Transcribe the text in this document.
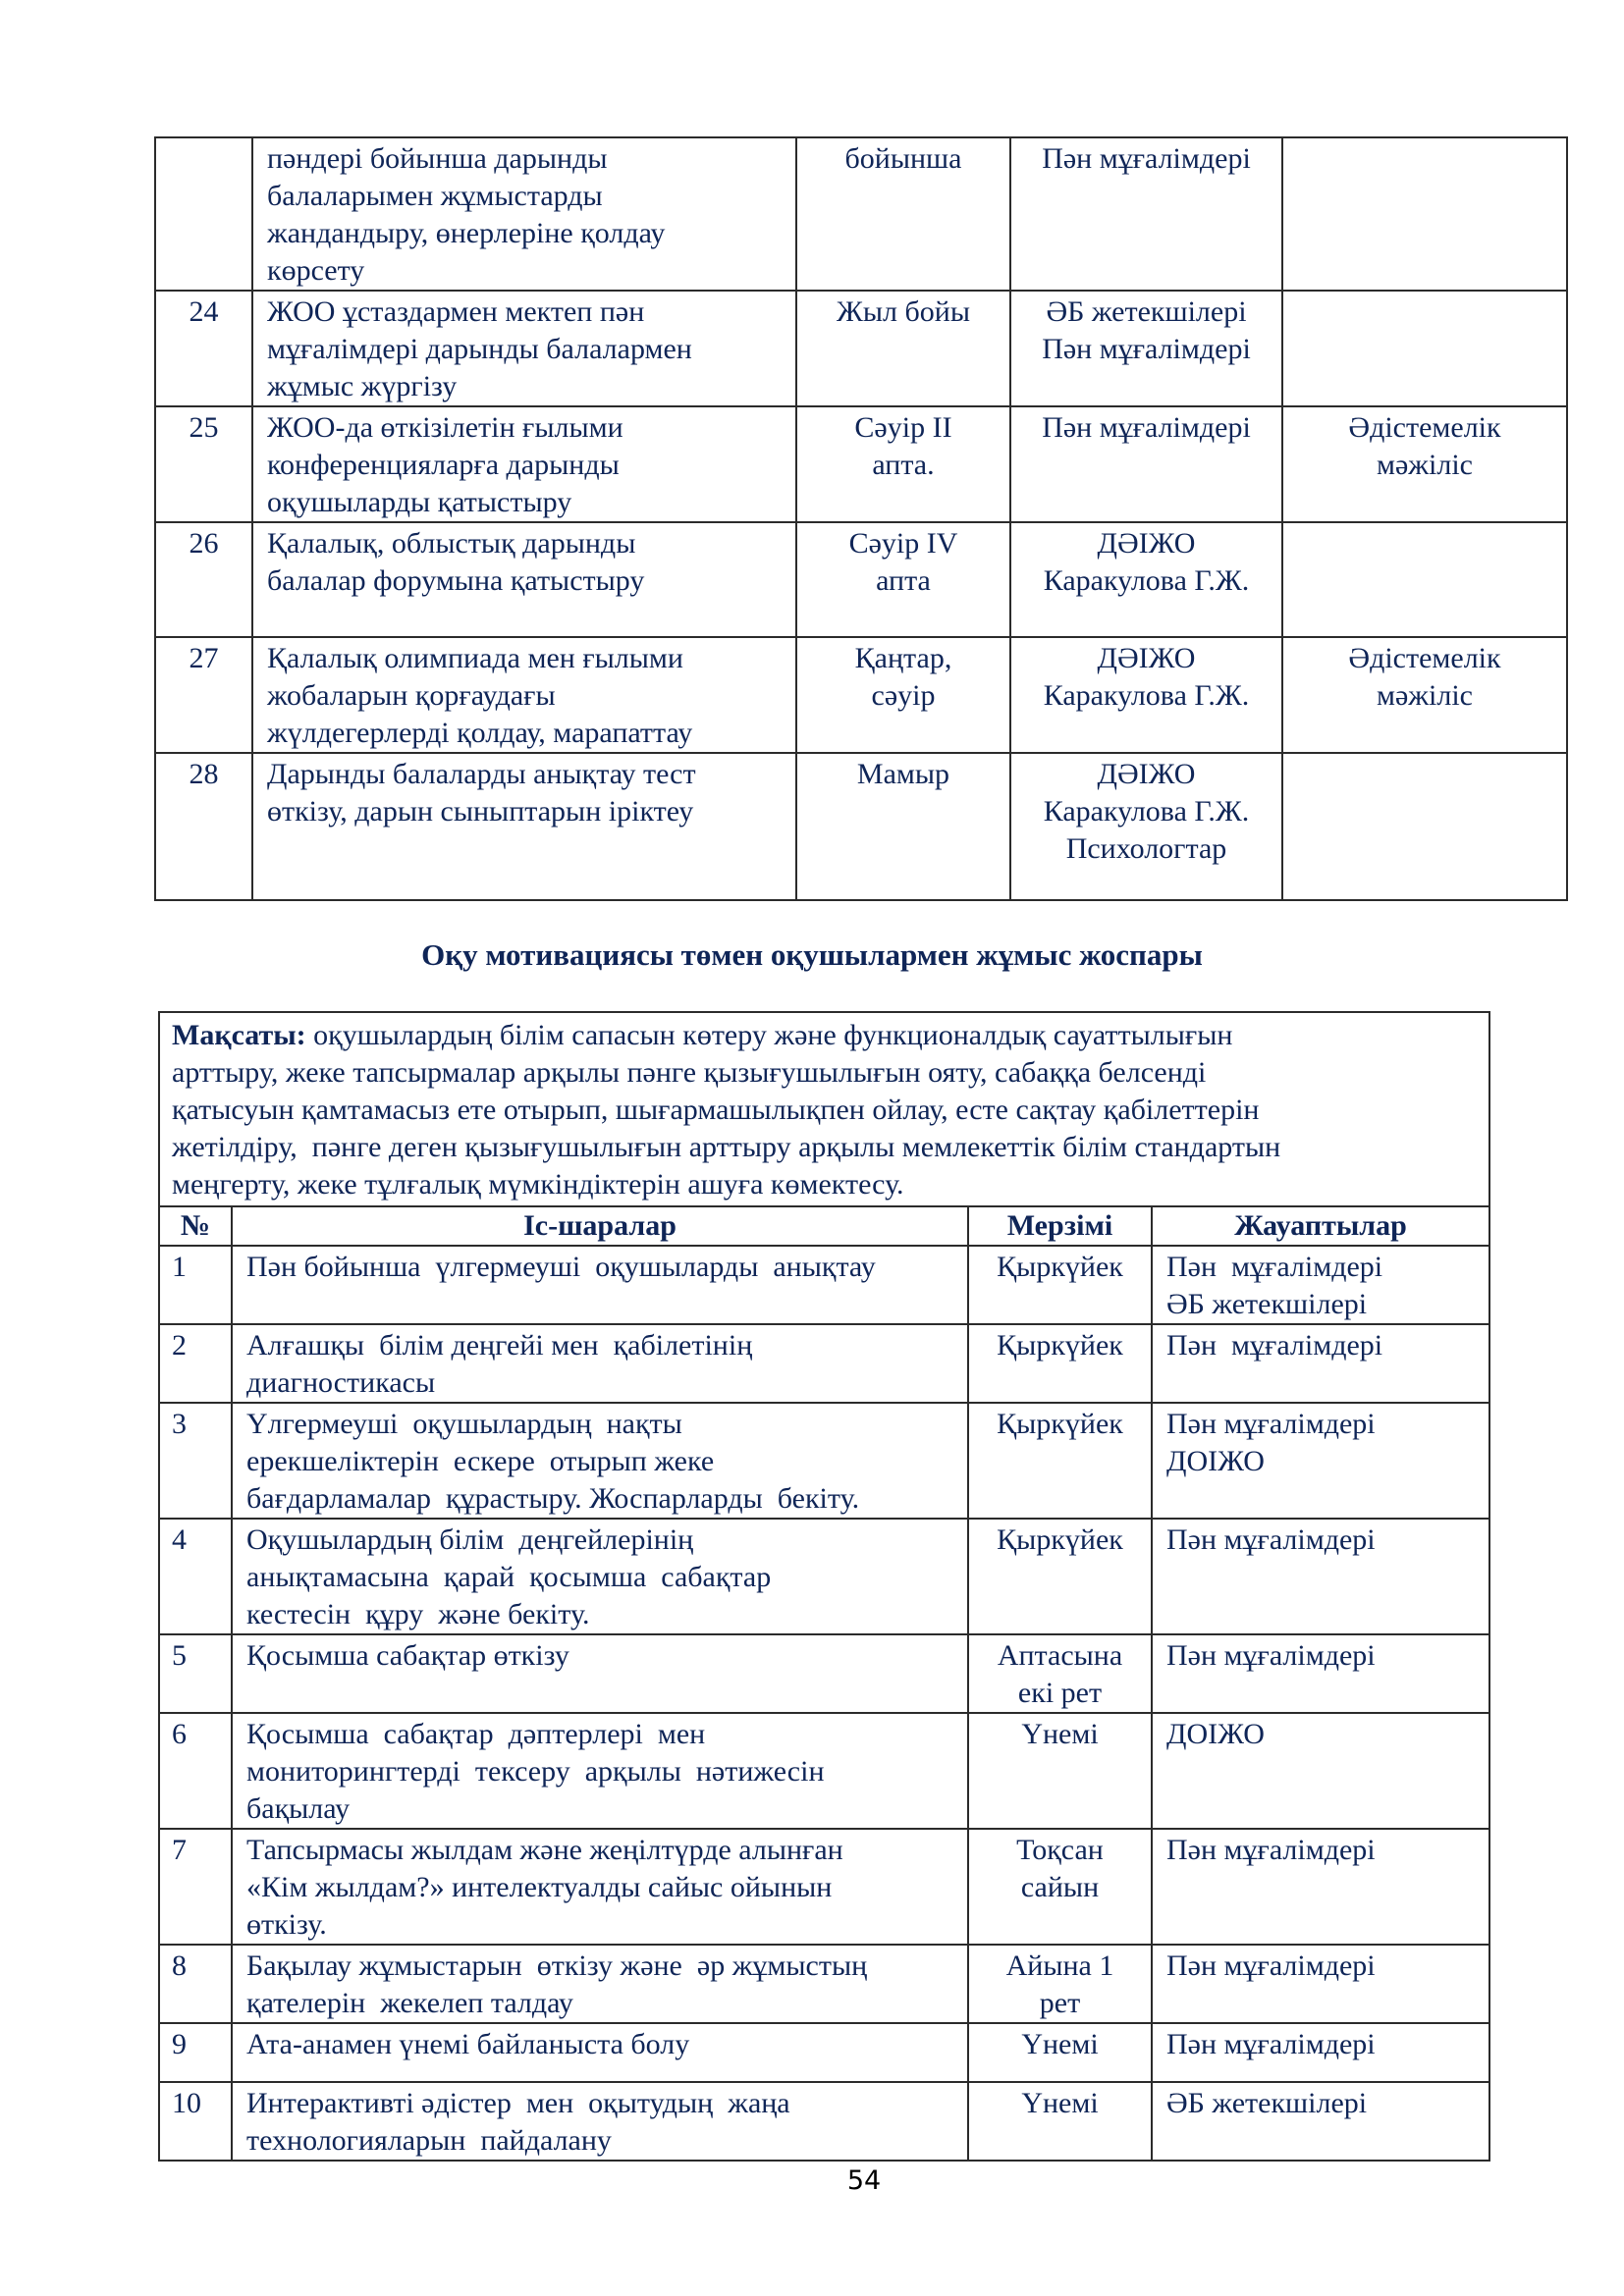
	пәндері бойынша дарынды
балаларымен жұмыстарды
жандандыру, өнерлеріне қолдау
көрсету	бойынша	Пән мұғалімдері	

24	ЖОО ұстаздармен мектеп пән
мұғалімдері дарынды балалармен
жұмыс жүргізу	Жыл бойы	ӘБ жетекшілері
Пән мұғалімдері	

25	ЖОО-да өткізілетін ғылыми
конференцияларға дарынды
оқушыларды қатыстыру	Сәуір II
апта.	Пән мұғалімдері	Әдістемелік
мәжіліс

26	Қалалық, облыстық дарынды
балалар форумына қатыстыру	Сәуір IV
апта	ДӘІЖО
Каракулова Г.Ж.	

27	Қалалық олимпиада мен ғылыми
жобаларын қорғаудағы
жүлдегерлерді қолдау, марапаттау	Қаңтар,
сәуір	ДӘІЖО
Каракулова Г.Ж.	Әдістемелік
мәжіліс

28	Дарынды балаларды анықтау тест
өткізу, дарын сыныптарын іріктеу	Мамыр	ДӘІЖО
Каракулова Г.Ж.
Психологтар	

Оқу мотивациясы төмен оқушылармен жұмыс жоспары
Мақсаты: оқушылардың білім сапасын көтеру және функционалдық сауаттылығын
арттыру, жеке тапсырмалар арқылы пәнге қызығушылығын ояту, сабаққа белсенді
қатысуын қамтамасыз ете отырып, шығармашылықпен ойлау, есте сақтау қабілеттерін
жетілдіру,  пәнге деген қызығушылығын арттыру арқылы мемлекеттік білім стандартын
меңгерту, жеке тұлғалық мүмкіндіктерін ашуға көмектесу.			

№	Іс-шаралар	Мерзімі	Жауаптылар
1	Пән бойынша  үлгермеуші  оқушыларды  анықтау	Қыркүйек	Пән  мұғалімдері
ӘБ жетекшілері

2	Алғашқы  білім деңгейі мен  қабілетінің
диагностикасы	Қыркүйек	Пән  мұғалімдері

3	Үлгермеуші  оқушылардың  нақты
ерекшеліктерін  ескере  отырып жеке
бағдарламалар  құрастыру. Жоспарларды  бекіту.	Қыркүйек	Пән мұғалімдері
ДОІЖО

4	Оқушылардың білім  деңгейлерінің
анықтамасына  қарай  қосымша  сабақтар
кестесін  құру  және бекіту.	Қыркүйек	Пән мұғалімдері

5	Қосымша сабақтар өткізу	Аптасына
екі рет	Пән мұғалімдері

6	Қосымша  сабақтар  дәптерлері  мен
мониторингтерді  тексеру  арқылы  нәтижесін
бақылау	Үнемі	ДОІЖО

7	Тапсырмасы жылдам және жеңілтүрде алынған
«Кім жылдам?» интелектуалды сайыс ойынын
өткізу.	Тоқсан
сайын	Пән мұғалімдері

8	Бақылау жұмыстарын  өткізу және  әр жұмыстың
қателерін  жекелеп талдау	Айына 1
рет	Пән мұғалімдері

9	Ата-анамен үнемі байланыста болу	Үнемі	Пән мұғалімдері

10	Интерактивті әдістер  мен  оқытудың  жаңа
технологияларын  пайдалану	Үнемі	ӘБ жетекшілері
54
